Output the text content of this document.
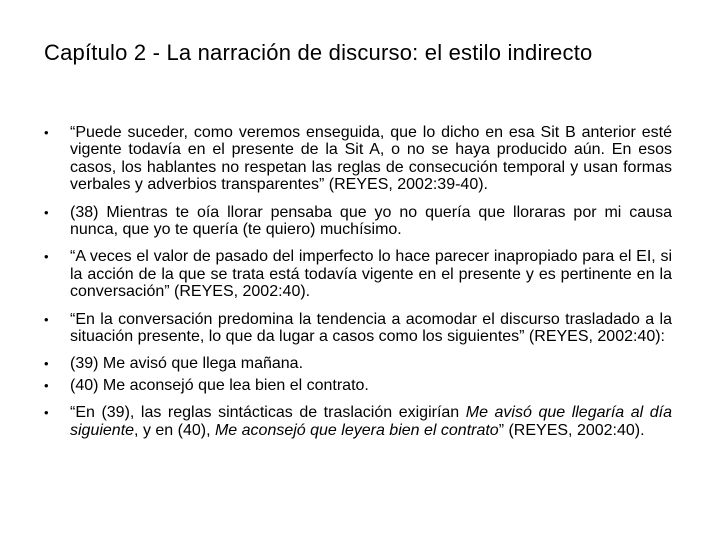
Capítulo 2 - La narración de discurso: el estilo indirecto
•	“Puede suceder, como veremos enseguida, que lo dicho en esa Sit B anterior esté vigente todavía en el presente de la Sit A, o no se haya producido aún. En esos casos, los hablantes no respetan las reglas de consecución temporal y usan formas verbales y adverbios transparentes” (REYES, 2002:39-40).
•	(38) Mientras te oía llorar pensaba que yo no quería que lloraras por mi causa nunca, que yo te quería (te quiero) muchísimo.
•	“A veces el valor de pasado del imperfecto lo hace parecer inapropiado para el EI, si la acción de la que se trata está todavía vigente en el presente y es pertinente en la conversación” (REYES, 2002:40).
•	“En la conversación predomina la tendencia a acomodar el discurso trasladado a la situación presente, lo que da lugar a casos como los siguientes” (REYES, 2002:40):
•	(39) Me avisó que llega mañana.
•	(40) Me aconsejó que lea bien el contrato.
•	“En (39), las reglas sintácticas de traslación exigirían Me avisó que llegaría al día siguiente, y en (40), Me aconsejó que leyera bien el contrato” (REYES, 2002:40).
